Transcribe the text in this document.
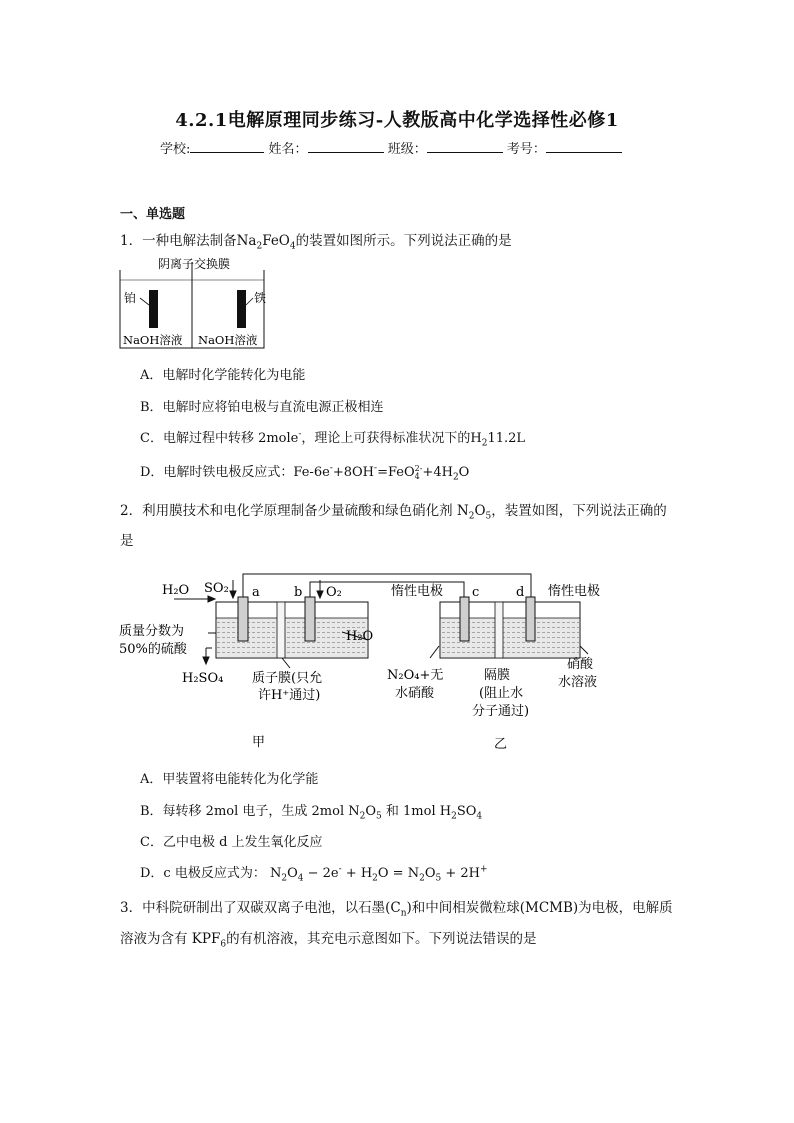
4.2.1电解原理同步练习-人教版高中化学选择性必修1
学校:	姓名：	班级：	考号：
一、单选题
1．一种电解法制备$Na_2FeO_4$的装置如图所示。下列说法正确的是
阴离子交换膜
铂	铁
NaOH溶液 NaOH溶液
A．电解时化学能转化为电能
B．电解时应将铂电极与直流电源正极相连
C．电解过程中转移 2mole-，理论上可获得标准状况下的$H_211.2L$
D．电解时铁电极反应式：Fe-6e-+8OH-=FeO 2-
$4 +4H_2O$
2．利用膜技术和电化学原理制备少量硫酸和绿色硝化剂 $N_2O_5$，装置如图，下列说法正确的
是
H₂O SO₂ a	b O₂	惰性电极 c	d 惰性电极
质量分数为
50%的硫酸
H₂O
H₂SO₄ 质子膜(只允
许H⁺通过)
N₂O₄+无
水硝酸
隔膜
(阻止水
分子通过)
硝酸
水溶液
甲	乙
A．甲装置将电能转化为化学能
B．每转移 2mol 电子，生成 2mol $N_2O_5$ 和 1mol $H_2SO_4$
C．乙中电极 d 上发生氧化反应
D．c 电极反应式为： $N_2O_4 - 2e^- + H_2O = N_2O_5 + 2H^+$
3．中科院研制出了双碳双离子电池，以石墨$(C_n)$和中间相炭微粒球(MCMB)为电极，电解质
溶液为含有 $KPF_6$的有机溶液，其充电示意图如下。下列说法错误的是
